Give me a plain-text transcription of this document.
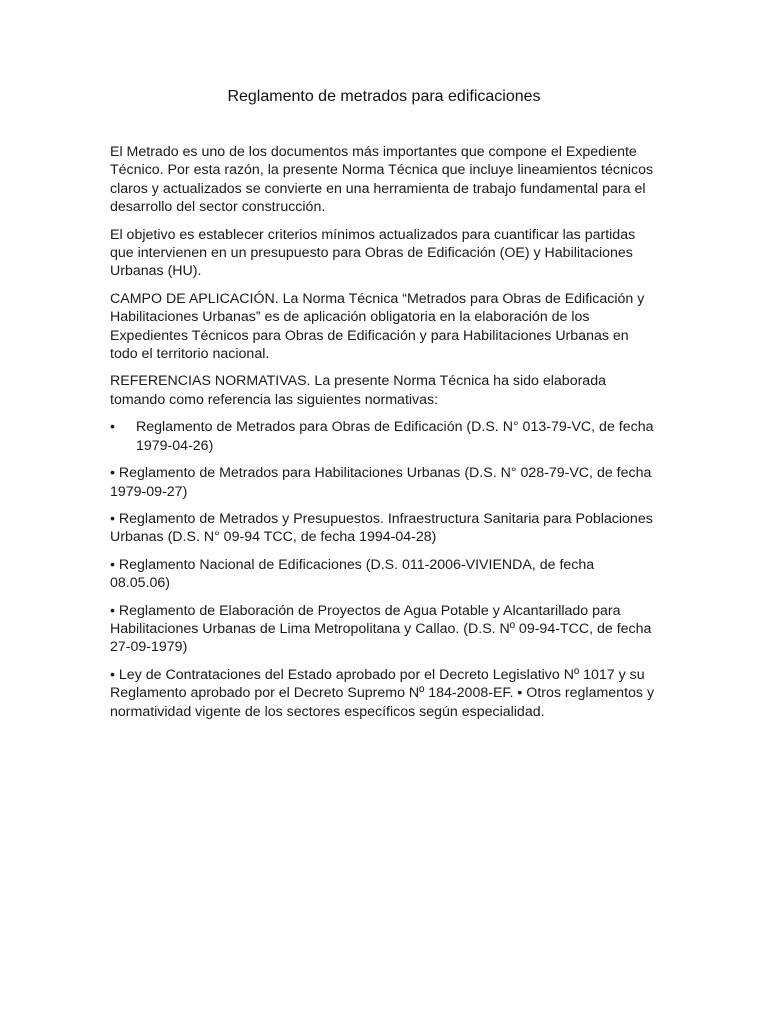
Reglamento de metrados para edificaciones

El Metrado es uno de los documentos más importantes que compone el Expediente Técnico. Por esta razón, la presente Norma Técnica que incluye lineamientos técnicos claros y actualizados se convierte en una herramienta de trabajo fundamental para el desarrollo del sector construcción.

El objetivo es establecer criterios mínimos actualizados para cuantificar las partidas que intervienen en un presupuesto para Obras de Edificación (OE) y Habilitaciones Urbanas (HU).

CAMPO DE APLICACIÓN. La Norma Técnica “Metrados para Obras de Edificación y Habilitaciones Urbanas” es de aplicación obligatoria en la elaboración de los Expedientes Técnicos para Obras de Edificación y para Habilitaciones Urbanas en todo el territorio nacional.

REFERENCIAS NORMATIVAS. La presente Norma Técnica ha sido elaborada tomando como referencia las siguientes normativas:

• Reglamento de Metrados para Obras de Edificación (D.S. N° 013-79-VC, de fecha 1979-04-26)

• Reglamento de Metrados para Habilitaciones Urbanas (D.S. N° 028-79-VC, de fecha 1979-09-27)

• Reglamento de Metrados y Presupuestos. Infraestructura Sanitaria para Poblaciones Urbanas (D.S. N° 09-94 TCC, de fecha 1994-04-28)

• Reglamento Nacional de Edificaciones (D.S. 011-2006-VIVIENDA, de fecha 08.05.06)

• Reglamento de Elaboración de Proyectos de Agua Potable y Alcantarillado para Habilitaciones Urbanas de Lima Metropolitana y Callao. (D.S. Nº 09-94-TCC, de fecha 27-09-1979)

• Ley de Contrataciones del Estado aprobado por el Decreto Legislativo Nº 1017 y su Reglamento aprobado por el Decreto Supremo Nº 184-2008-EF. • Otros reglamentos y normatividad vigente de los sectores específicos según especialidad.
